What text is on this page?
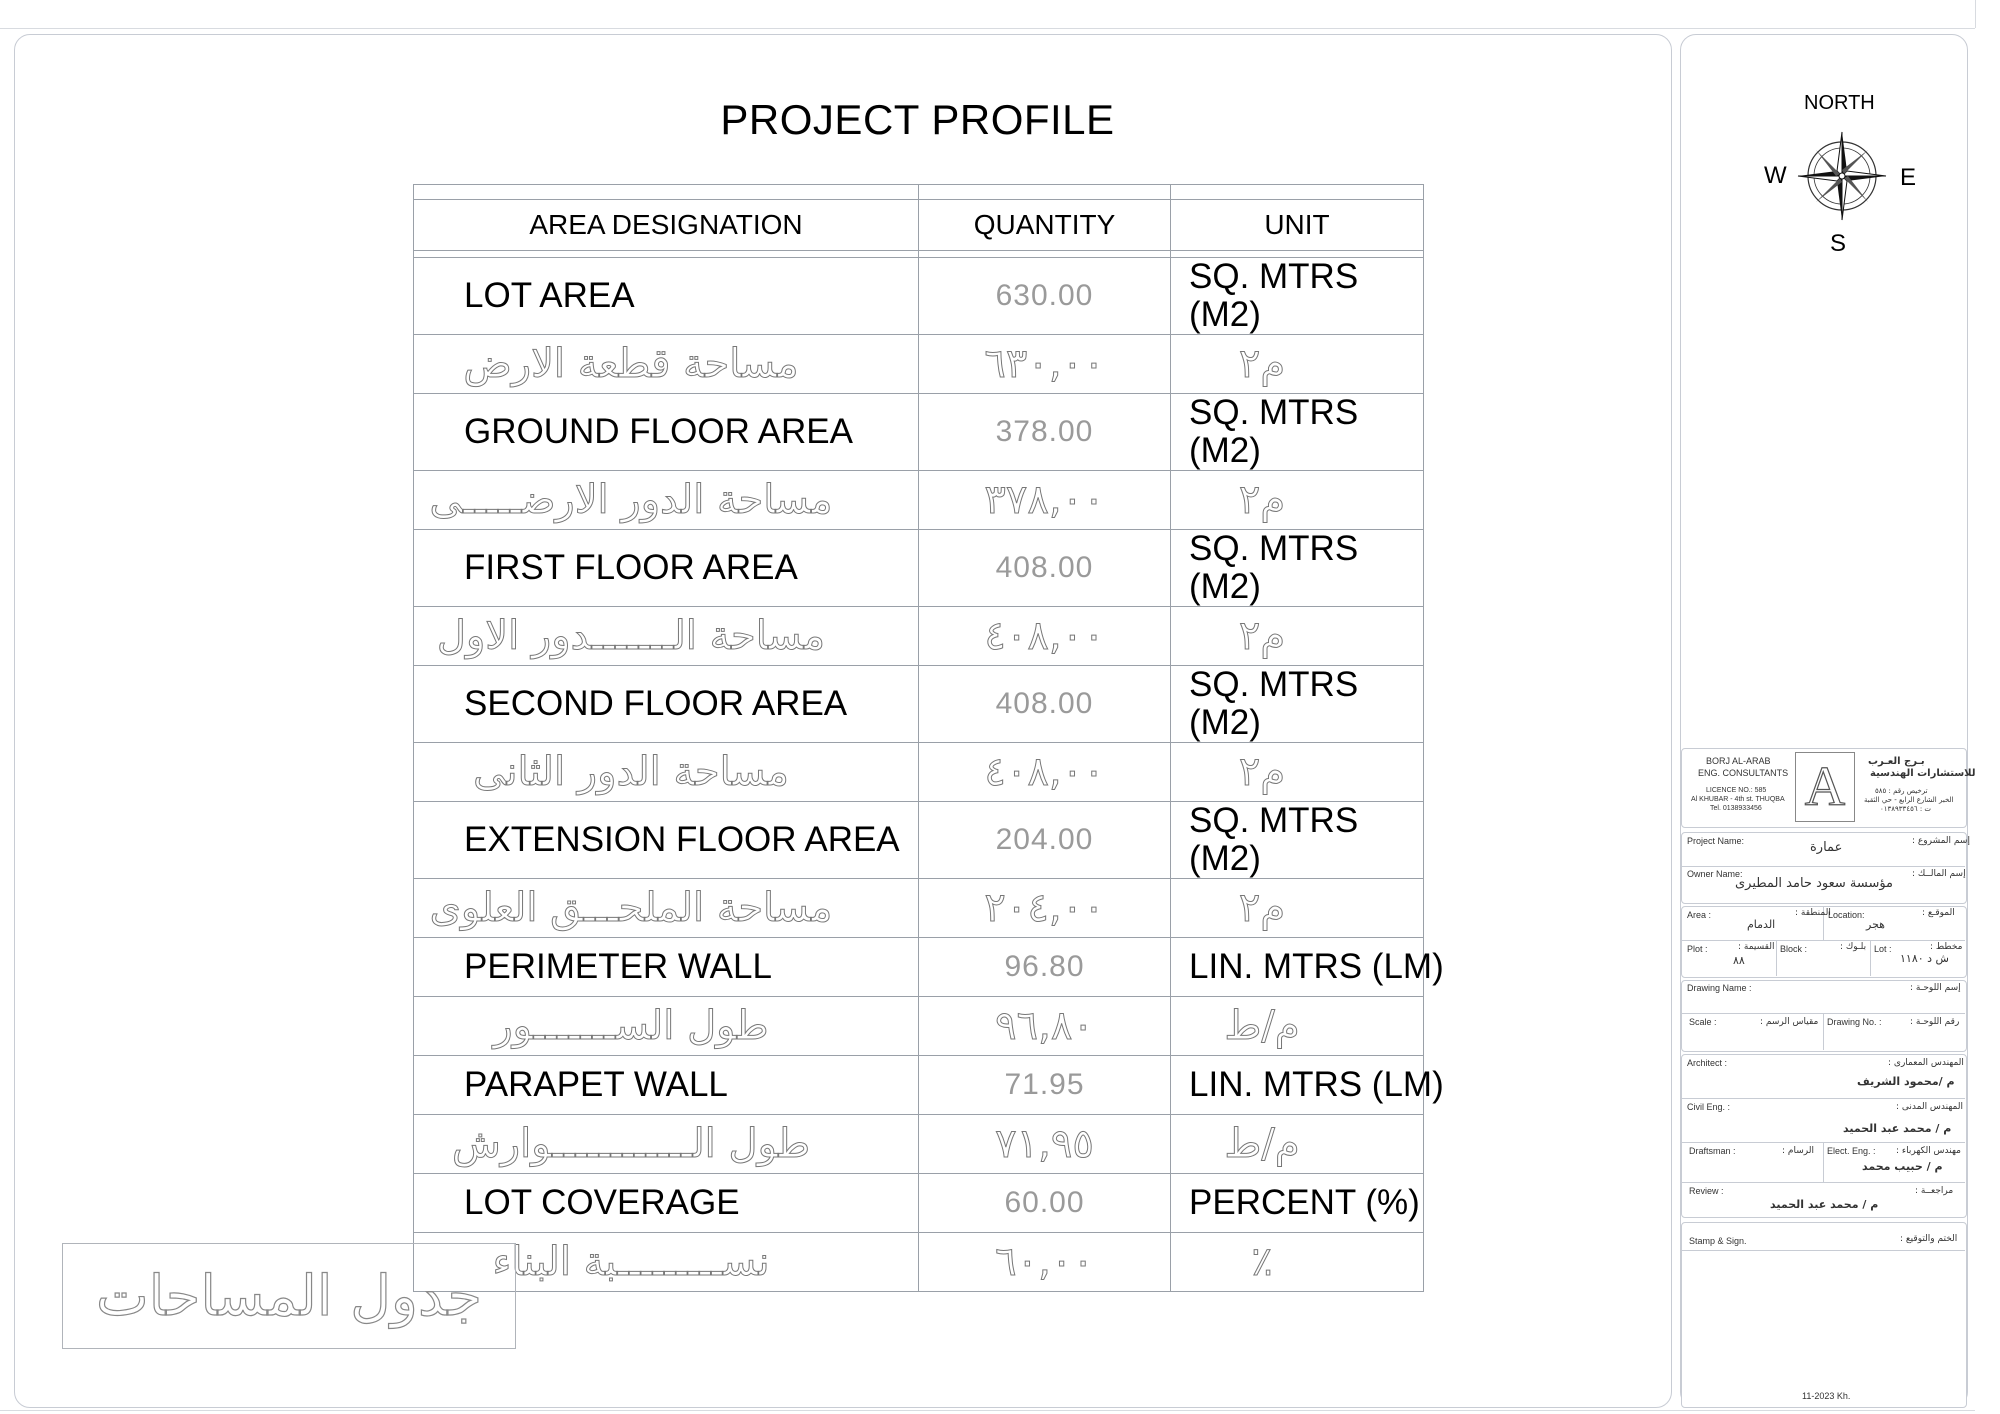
PROJECT PROFILE

AREA DESIGNATION	QUANTITY	UNIT

LOT AREA	630.00	SQ. MTRS
(M2)

مساحة قطعة الارض	٦٣٠,٠٠	م٢
GROUND FLOOR AREA	378.00	SQ. MTRS
(M2)

مساحة الدور الارضـــــى	٣٧٨,٠٠	م٢
FIRST FLOOR AREA	408.00	SQ. MTRS
(M2)

مساحة الـــــــدور الاول	٤٠٨,٠٠	م٢
SECOND FLOOR AREA	408.00	SQ. MTRS
(M2)

مساحة الدور الثانى	٤٠٨,٠٠	م٢
EXTENSION FLOOR AREA	204.00	SQ. MTRS
(M2)

مساحة الملحـــق العلوى	٢٠٤,٠٠	م٢
PERIMETER WALL	96.80	LIN. MTRS (LM)

طول الســـــــور	٩٦,٨٠	م/ط
PARAPET WALL	71.95	LIN. MTRS (LM)

طول الــــــــــــوارش	٧١,٩٥	م/ط
LOT COVERAGE	60.00	PERCENT (%)

نســـــــــبة البناء	٦٠,٠٠	٪
جدول المساحات
NORTH
W	E
S
BORJ AL-ARAB
ENG. CONSULTANTS
LICENCE NO.: 585
Al KHUBAR - 4th st. THUQBA
Tel. 0138933456 A بـرج العـرب
للاستشارات الهندسية
ترخيص رقم : ٥٨٥
الخبر الشارع الرابع - حي الثقبة
ت : ٠١٣٨٩٣٣٤٥٦
Project Name:	إسم المشروع :
عمارة
Owner Name:	إسم المالــك :
مؤسسة سعود حامد المطيرى
Area :	المنطقة :
الدمام
Location:	الموقـع :
هجر
Plot :	القسيمة :
٨٨
Block :	بلـوك : Lot :	مخطط :
ش د ١١٨٠
Drawing Name :	إسم اللوحـة :
Scale :	مقياس الرسم : Drawing No. :	رقم اللوحـة :
Architect :	المهندس المعمارى :
م /محمود الشريف
Civil Eng. :	المهندس المدنى :
م / محمد عبد الحميد
Draftsman :	الرسام : Elect. Eng. : مهندس الكهرباء :
م / حبيب محمد
Review :	مراجعــة :
م / محمد عبد الحميد
Stamp & Sign.	الختم والتوقيع :
11-2023 Kh.
